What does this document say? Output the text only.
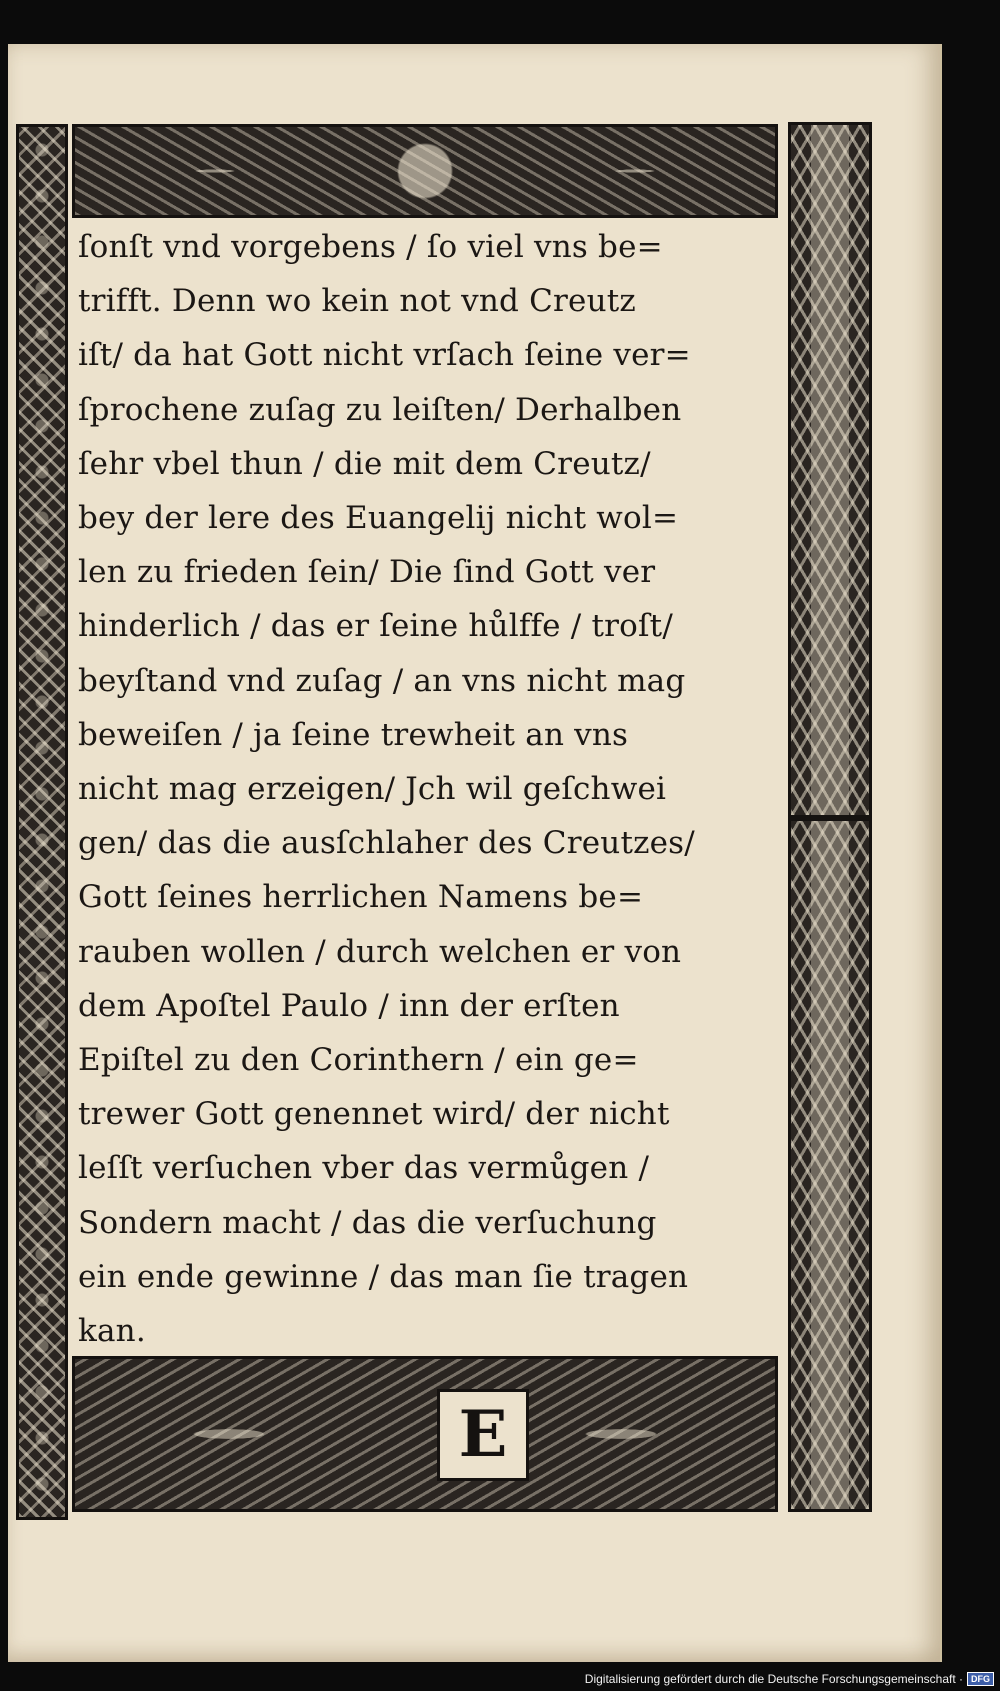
E
ſonſt vnd vorgebens / ſo viel vns be=
trifft. Denn wo kein not vnd Creutz
iſt/ da hat Gott nicht vrſach ſeine ver=
ſprochene zuſag zu leiſten/ Derhalben
ſehr vbel thun / die mit dem Creutz/
bey der lere des Euangelij nicht wol=
len zu frieden ſein/ Die ſind Gott ver
hinderlich / das er ſeine hůlffe / troſt/
beyſtand vnd zuſag / an vns nicht mag
beweiſen / ja ſeine trewheit an vns
nicht mag erzeigen/ Jch wil geſchwei
gen/ das die ausſchlaher des Creutzes/
Gott ſeines herrlichen Namens be=
rauben wollen / durch welchen er von
dem Apoſtel Paulo / inn der erſten
Epiſtel zu den Corinthern / ein ge=
trewer Gott genennet wird/ der nicht
leſſt verſuchen vber das vermůgen /
Sondern macht / das die verſuchung
ein ende gewinne / das man ſie tragen
kan.
Digitalisierung gefördert durch die Deutsche Forschungsgemeinschaft · DFG
